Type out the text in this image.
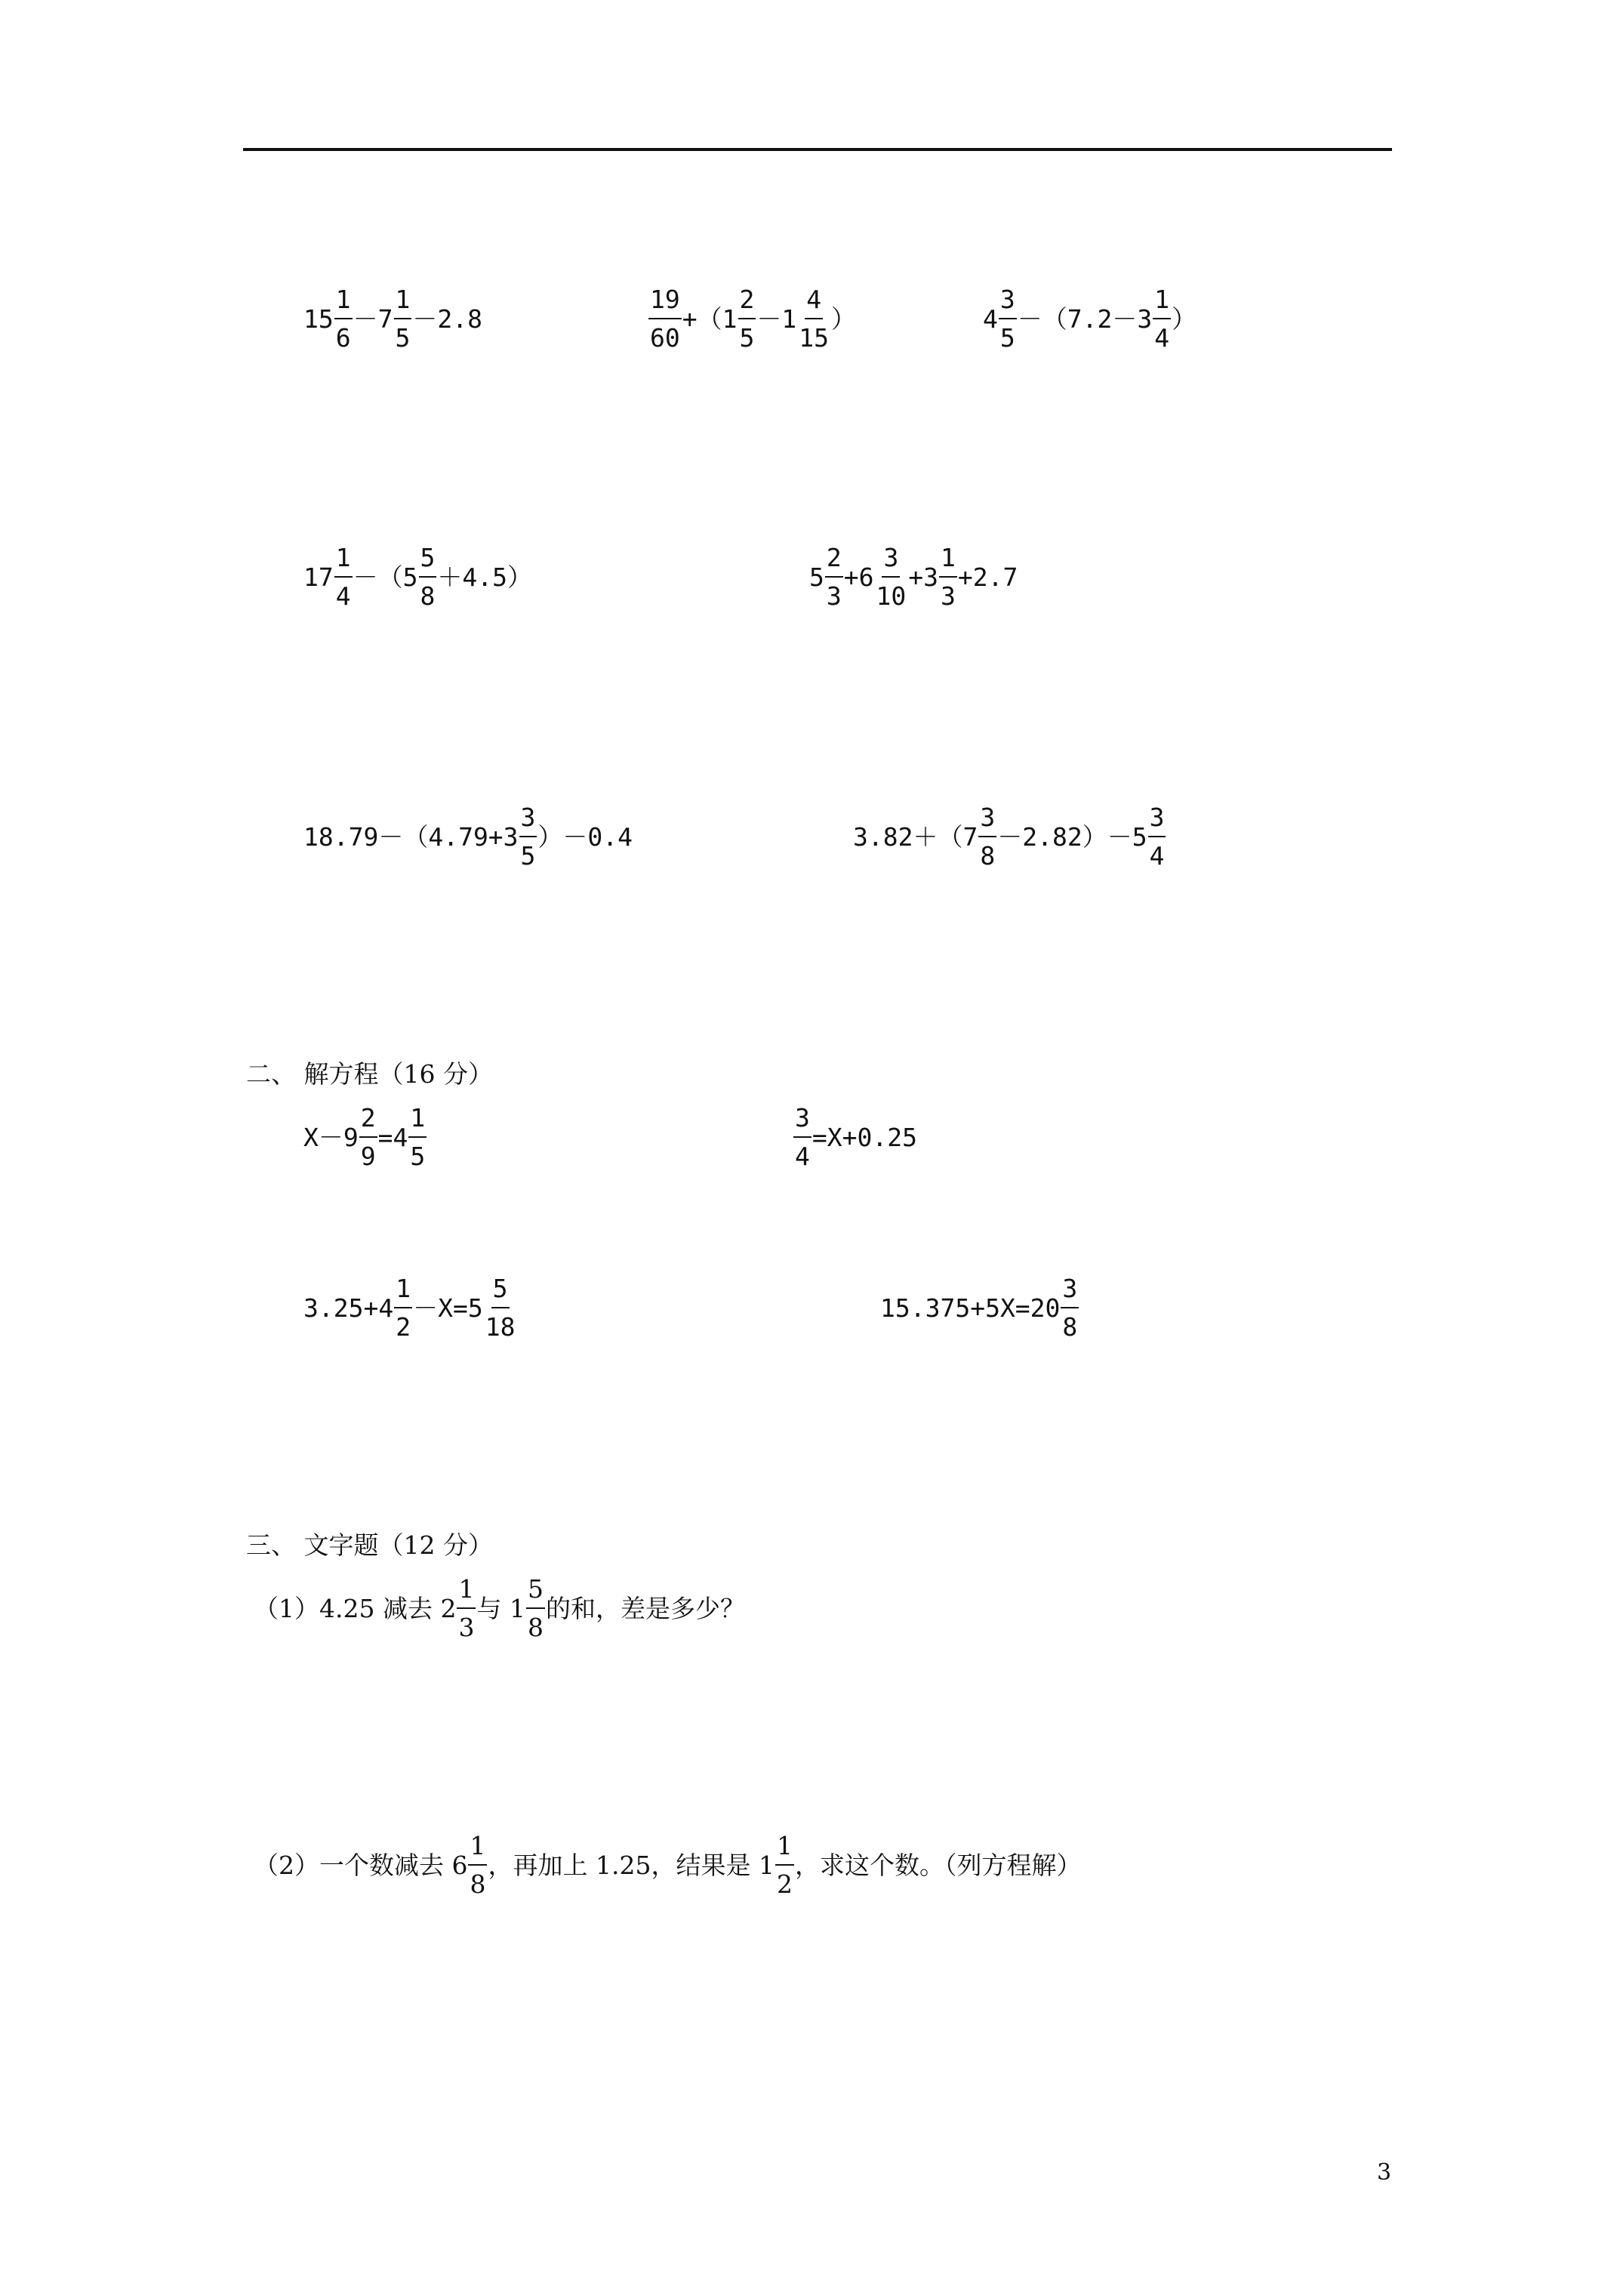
$15 \frac{1}{6} -7 \frac{1}{5} -2.8$	$\frac{19}{60} +(1 \frac{2}{5} -1 \frac{4}{15}$ ）	$4 \frac{3}{5} -(7.2-3 \frac{1}{4}$ ）
$17 \frac{1}{4} -(5 \frac{5}{8} +4.5)$	$5 \frac{2}{3} +6 \frac{3}{10} +3 \frac{1}{3} +2.7$
$18.79-(4.79+3 \frac{3}{5} )-0.4$	$3.82+(7 \frac{3}{8} -2.82)-5 \frac{3}{4}$
二、 解方程（16 分）
$X-9 \frac{2}{9} =4 \frac{1}{5}$	$\frac{3}{4} =X+0.25$
$3.25+4 \frac{1}{2} -X=5 \frac{5}{18}$	$15.375+5X=20 \frac{3}{8}$
三、 文字题（12 分）
（1）4.25 减去 $2 \frac{1}{3}$ 与 $1 \frac{5}{8}$ 的和，差是多少？
（2）一个数减去 $6 \frac{1}{8}$ ，再加上 1.25，结果是 $1 \frac{1}{2}$ ，求这个数。（列方程解）
3
